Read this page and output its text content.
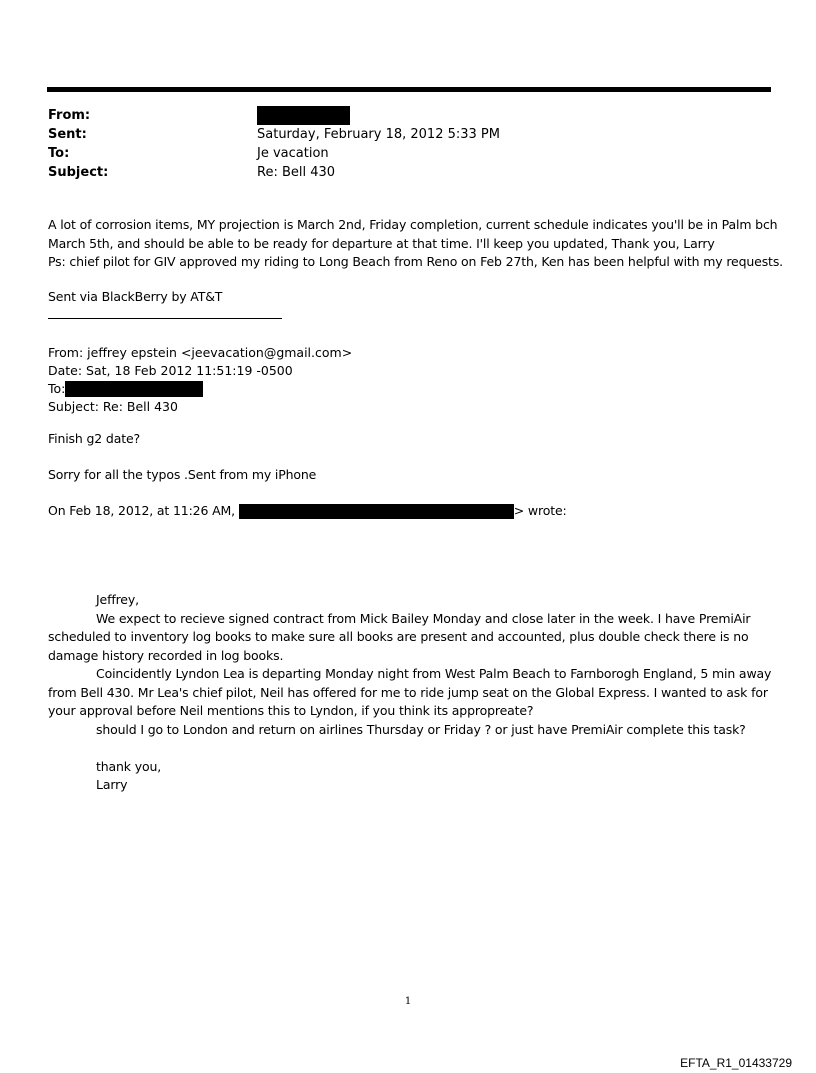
From:
Sent:	Saturday, February 18, 2012 5:33 PM
To:	Je vacation
Subject:	Re: Bell 430

A lot of corrosion items, MY projection is March 2nd, Friday completion, current schedule indicates you'll be in Palm bch

March 5th, and should be able to be ready for departure at that time. I'll keep you updated, Thank you, Larry

Ps: chief pilot for GIV approved my riding to Long Beach from Reno on Feb 27th, Ken has been helpful with my requests.

Sent via BlackBerry by AT&T

From: jeffrey epstein <jeevacation@gmail.com>
Date: Sat, 18 Feb 2012 11:51:19 -0500
To:
Subject: Re: Bell 430

Finish g2 date?

Sorry for all the typos .Sent from my iPhone

On Feb 18, 2012, at 11:26 AM,	> wrote:

Jeffrey,

We expect to recieve signed contract from Mick Bailey Monday and close later in the week. I have PremiAir

scheduled to inventory log books to make sure all books are present and accounted, plus double check there is no

damage history recorded in log books.

Coincidently Lyndon Lea is departing Monday night from West Palm Beach to Farnborogh England, 5 min away

from Bell 430. Mr Lea's chief pilot, Neil has offered for me to ride jump seat on the Global Express. I wanted to ask for

your approval before Neil mentions this to Lyndon, if you think its appropreate?

should I go to London and return on airlines Thursday or Friday ? or just have PremiAir complete this task?

thank you,

Larry

1
EFTA_R1_01433729
